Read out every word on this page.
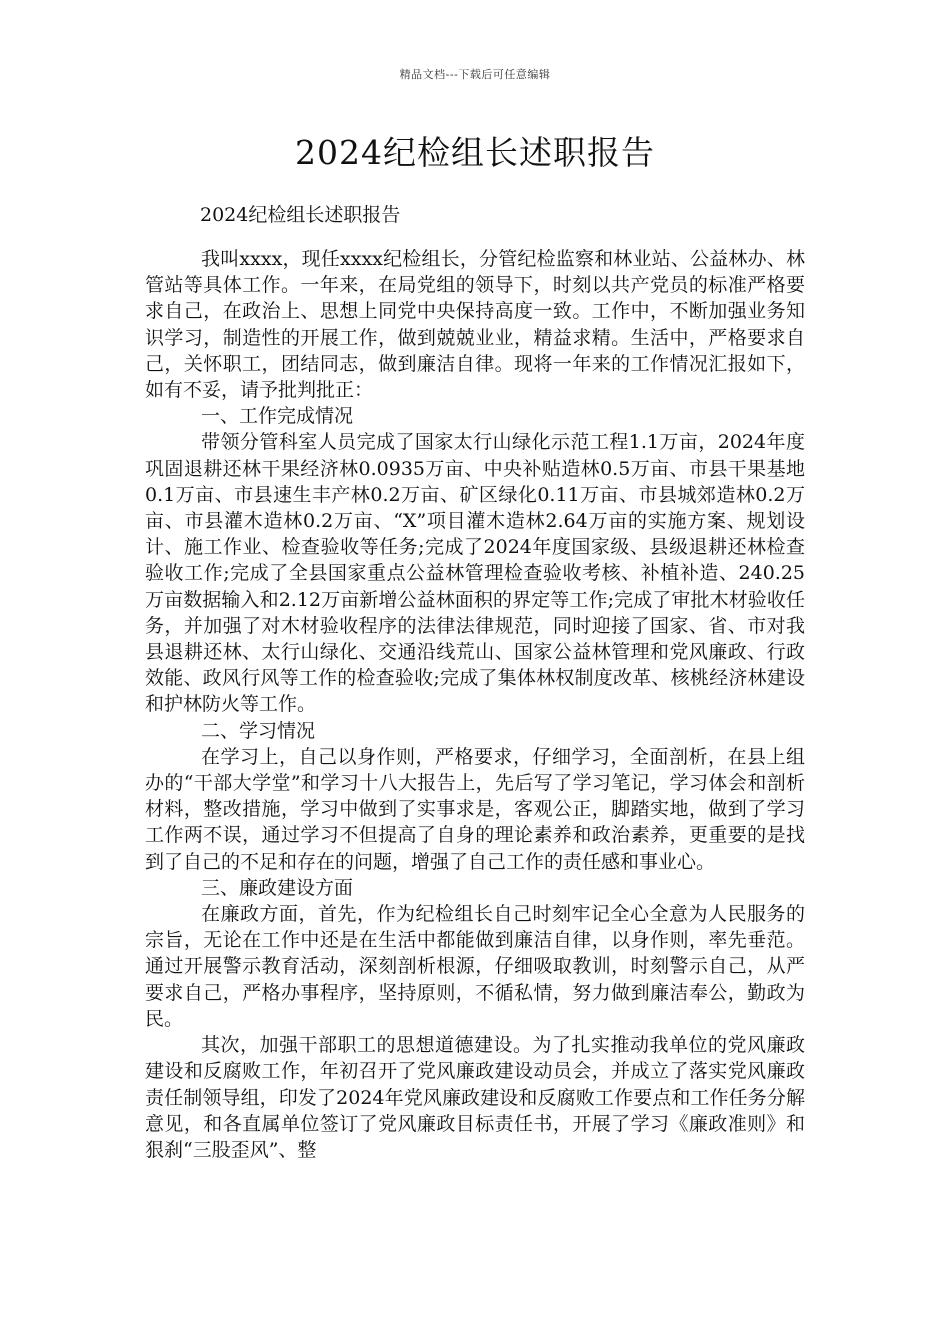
精品文档---下载后可任意编辑
2024纪检组长述职报告
2024纪检组长述职报告

我叫xxxx，现任xxxx纪检组长，分管纪检监察和林业站、公益林办、林管站等具体工作。一年来，在局党组的领导下，时刻以共产党员的标准严格要求自己，在政治上、思想上同党中央保持高度一致。工作中，不断加强业务知识学习，制造性的开展工作，做到兢兢业业，精益求精。生活中，严格要求自己，关怀职工，团结同志，做到廉洁自律。现将一年来的工作情况汇报如下，如有不妥，请予批判批正：

一、工作完成情况

带领分管科室人员完成了国家太行山绿化示范工程1.1万亩，2024年度巩固退耕还林干果经济林0.0935万亩、中央补贴造林0.5万亩、市县干果基地0.1万亩、市县速生丰产林0.2万亩、矿区绿化0.11万亩、市县城郊造林0.2万亩、市县灌木造林0.2万亩、“X”项目灌木造林2.64万亩的实施方案、规划设计、施工作业、检查验收等任务;完成了2024年度国家级、县级退耕还林检查验收工作;完成了全县国家重点公益林管理检查验收考核、补植补造、240.25万亩数据输入和2.12万亩新增公益林面积的界定等工作;完成了审批木材验收任务，并加强了对木材验收程序的法律法律规范，同时迎接了国家、省、市对我县退耕还林、太行山绿化、交通沿线荒山、国家公益林管理和党风廉政、行政效能、政风行风等工作的检查验收;完成了集体林权制度改革、核桃经济林建设和护林防火等工作。

二、学习情况

在学习上，自己以身作则，严格要求，仔细学习，全面剖析，在县上组办的“干部大学堂”和学习十八大报告上，先后写了学习笔记，学习体会和剖析材料，整改措施，学习中做到了实事求是，客观公正，脚踏实地，做到了学习工作两不误，通过学习不但提高了自身的理论素养和政治素养，更重要的是找到了自己的不足和存在的问题，增强了自己工作的责任感和事业心。

三、廉政建设方面

在廉政方面，首先，作为纪检组长自己时刻牢记全心全意为人民服务的宗旨，无论在工作中还是在生活中都能做到廉洁自律，以身作则，率先垂范。通过开展警示教育活动，深刻剖析根源，仔细吸取教训，时刻警示自己，从严要求自己，严格办事程序，坚持原则，不循私情，努力做到廉洁奉公，勤政为民。

其次，加强干部职工的思想道德建设。为了扎实推动我单位的党风廉政建设和反腐败工作，年初召开了党风廉政建设动员会，并成立了落实党风廉政责任制领导组，印发了2024年党风廉政建设和反腐败工作要点和工作任务分解意见，和各直属单位签订了党风廉政目标责任书，开展了学习《廉政准则》和狠刹“三股歪风”、整
